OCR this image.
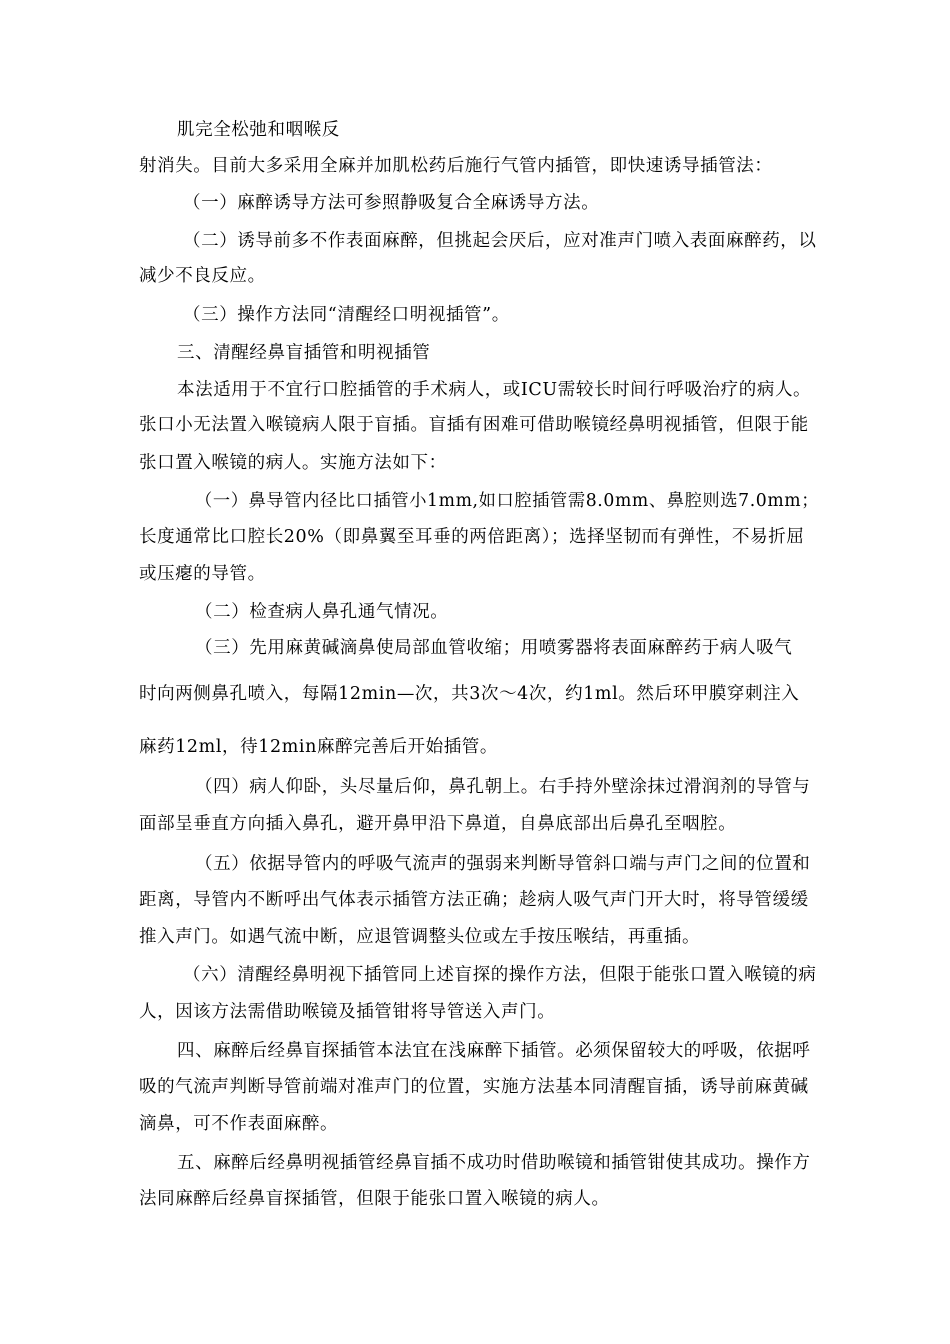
肌完全松弛和咽喉反
射消失。目前大多采用全麻并加肌松药后施行气管内插管，即快速诱导插管法：
（一）麻醉诱导方法可参照静吸复合全麻诱导方法。
（二）诱导前多不作表面麻醉，但挑起会厌后，应对准声门喷入表面麻醉药，以
减少不良反应。
（三）操作方法同“清醒经口明视插管”。
三、清醒经鼻盲插管和明视插管
本法适用于不宜行口腔插管的手术病人，或ICU需较长时间行呼吸治疗的病人。
张口小无法置入喉镜病人限于盲插。盲插有困难可借助喉镜经鼻明视插管，但限于能
张口置入喉镜的病人。实施方法如下：
（一）鼻导管内径比口插管小1mm,如口腔插管需8.0mm、鼻腔则选7.0mm；
长度通常比口腔长20%（即鼻翼至耳垂的两倍距离）；选择坚韧而有弹性，不易折屈
或压瘪的导管。
（二）检查病人鼻孔通气情况。
（三）先用麻黄碱滴鼻使局部血管收缩；用喷雾器将表面麻醉药于病人吸气
时向两侧鼻孔喷入，每隔12min—次，共3次〜4次，约1ml。然后环甲膜穿刺注入
麻药12ml，待12min麻醉完善后开始插管。
（四）病人仰卧，头尽量后仰，鼻孔朝上。右手持外壁涂抹过滑润剂的导管与
面部呈垂直方向插入鼻孔，避开鼻甲沿下鼻道，自鼻底部出后鼻孔至咽腔。
（五）依据导管内的呼吸气流声的强弱来判断导管斜口端与声门之间的位置和
距离，导管内不断呼出气体表示插管方法正确；趁病人吸气声门开大时，将导管缓缓
推入声门。如遇气流中断，应退管调整头位或左手按压喉结，再重插。
（六）清醒经鼻明视下插管同上述盲探的操作方法，但限于能张口置入喉镜的病
人，因该方法需借助喉镜及插管钳将导管送入声门。
四、麻醉后经鼻盲探插管本法宜在浅麻醉下插管。必须保留较大的呼吸，依据呼
吸的气流声判断导管前端对准声门的位置，实施方法基本同清醒盲插，诱导前麻黄碱
滴鼻，可不作表面麻醉。
五、麻醉后经鼻明视插管经鼻盲插不成功时借助喉镜和插管钳使其成功。操作方
法同麻醉后经鼻盲探插管，但限于能张口置入喉镜的病人。
